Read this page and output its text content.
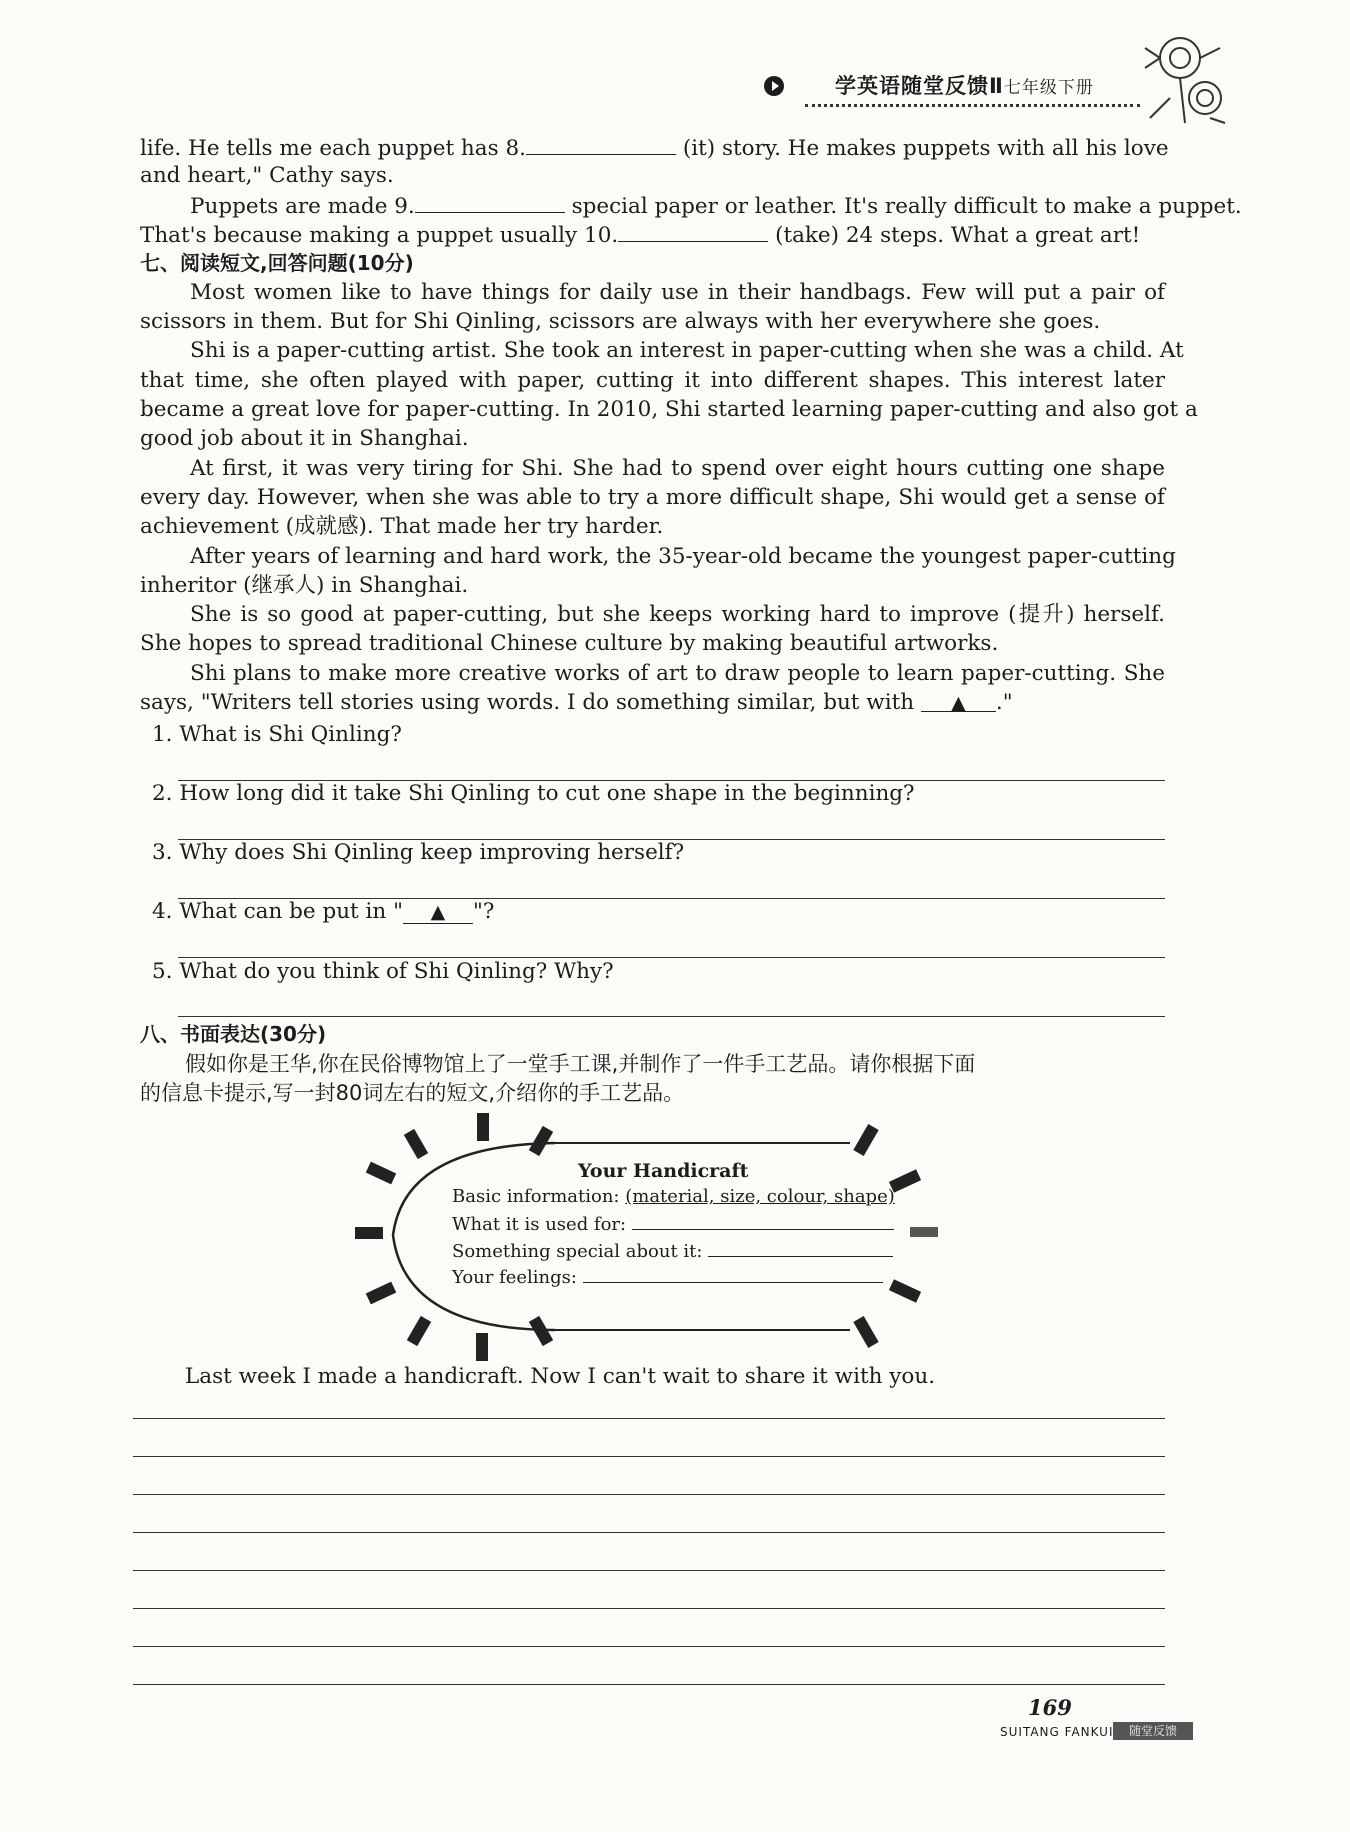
学英语随堂反馈Ⅱ七年级下册
life. He tells me each puppet has 8.	(it) story. He makes puppets with all his love
and heart," Cathy says.
Puppets are made 9.	special paper or leather. It's really difficult to make a puppet.
That's because making a puppet usually 10.	(take) 24 steps. What a great art!
七、阅读短文,回答问题(10分)
Most women like to have things for daily use in their handbags. Few will put a pair of
scissors in them. But for Shi Qinling, scissors are always with her everywhere she goes.
Shi is a paper-cutting artist. She took an interest in paper-cutting when she was a child. At
that time, she often played with paper, cutting it into different shapes. This interest later
became a great love for paper-cutting. In 2010, Shi started learning paper-cutting and also got a
good job about it in Shanghai.
At first, it was very tiring for Shi. She had to spend over eight hours cutting one shape
every day. However, when she was able to try a more difficult shape, Shi would get a sense of
achievement (成就感). That made her try harder.
After years of learning and hard work, the 35-year-old became the youngest paper-cutting
inheritor (继承人) in Shanghai.
She is so good at paper-cutting, but she keeps working hard to improve (提升) herself.
She hopes to spread traditional Chinese culture by making beautiful artworks.
Shi plans to make more creative works of art to draw people to learn paper-cutting. She
says, "Writers tell stories using words. I do something similar, but with ▲ ."
1. What is Shi Qinling?
2. How long did it take Shi Qinling to cut one shape in the beginning?
3. Why does Shi Qinling keep improving herself?
4. What can be put in " ▲ "?
5. What do you think of Shi Qinling? Why?
八、书面表达(30分)
假如你是王华,你在民俗博物馆上了一堂手工课,并制作了一件手工艺品。请你根据下面
的信息卡提示,写一封80词左右的短文,介绍你的手工艺品。
Your Handicraft
Basic information: (material, size, colour, shape)
What it is used for:
Something special about it:
Your feelings:
Last week I made a handicraft. Now I can't wait to share it with you.
169
SUITANG FANKUI	随堂反馈
